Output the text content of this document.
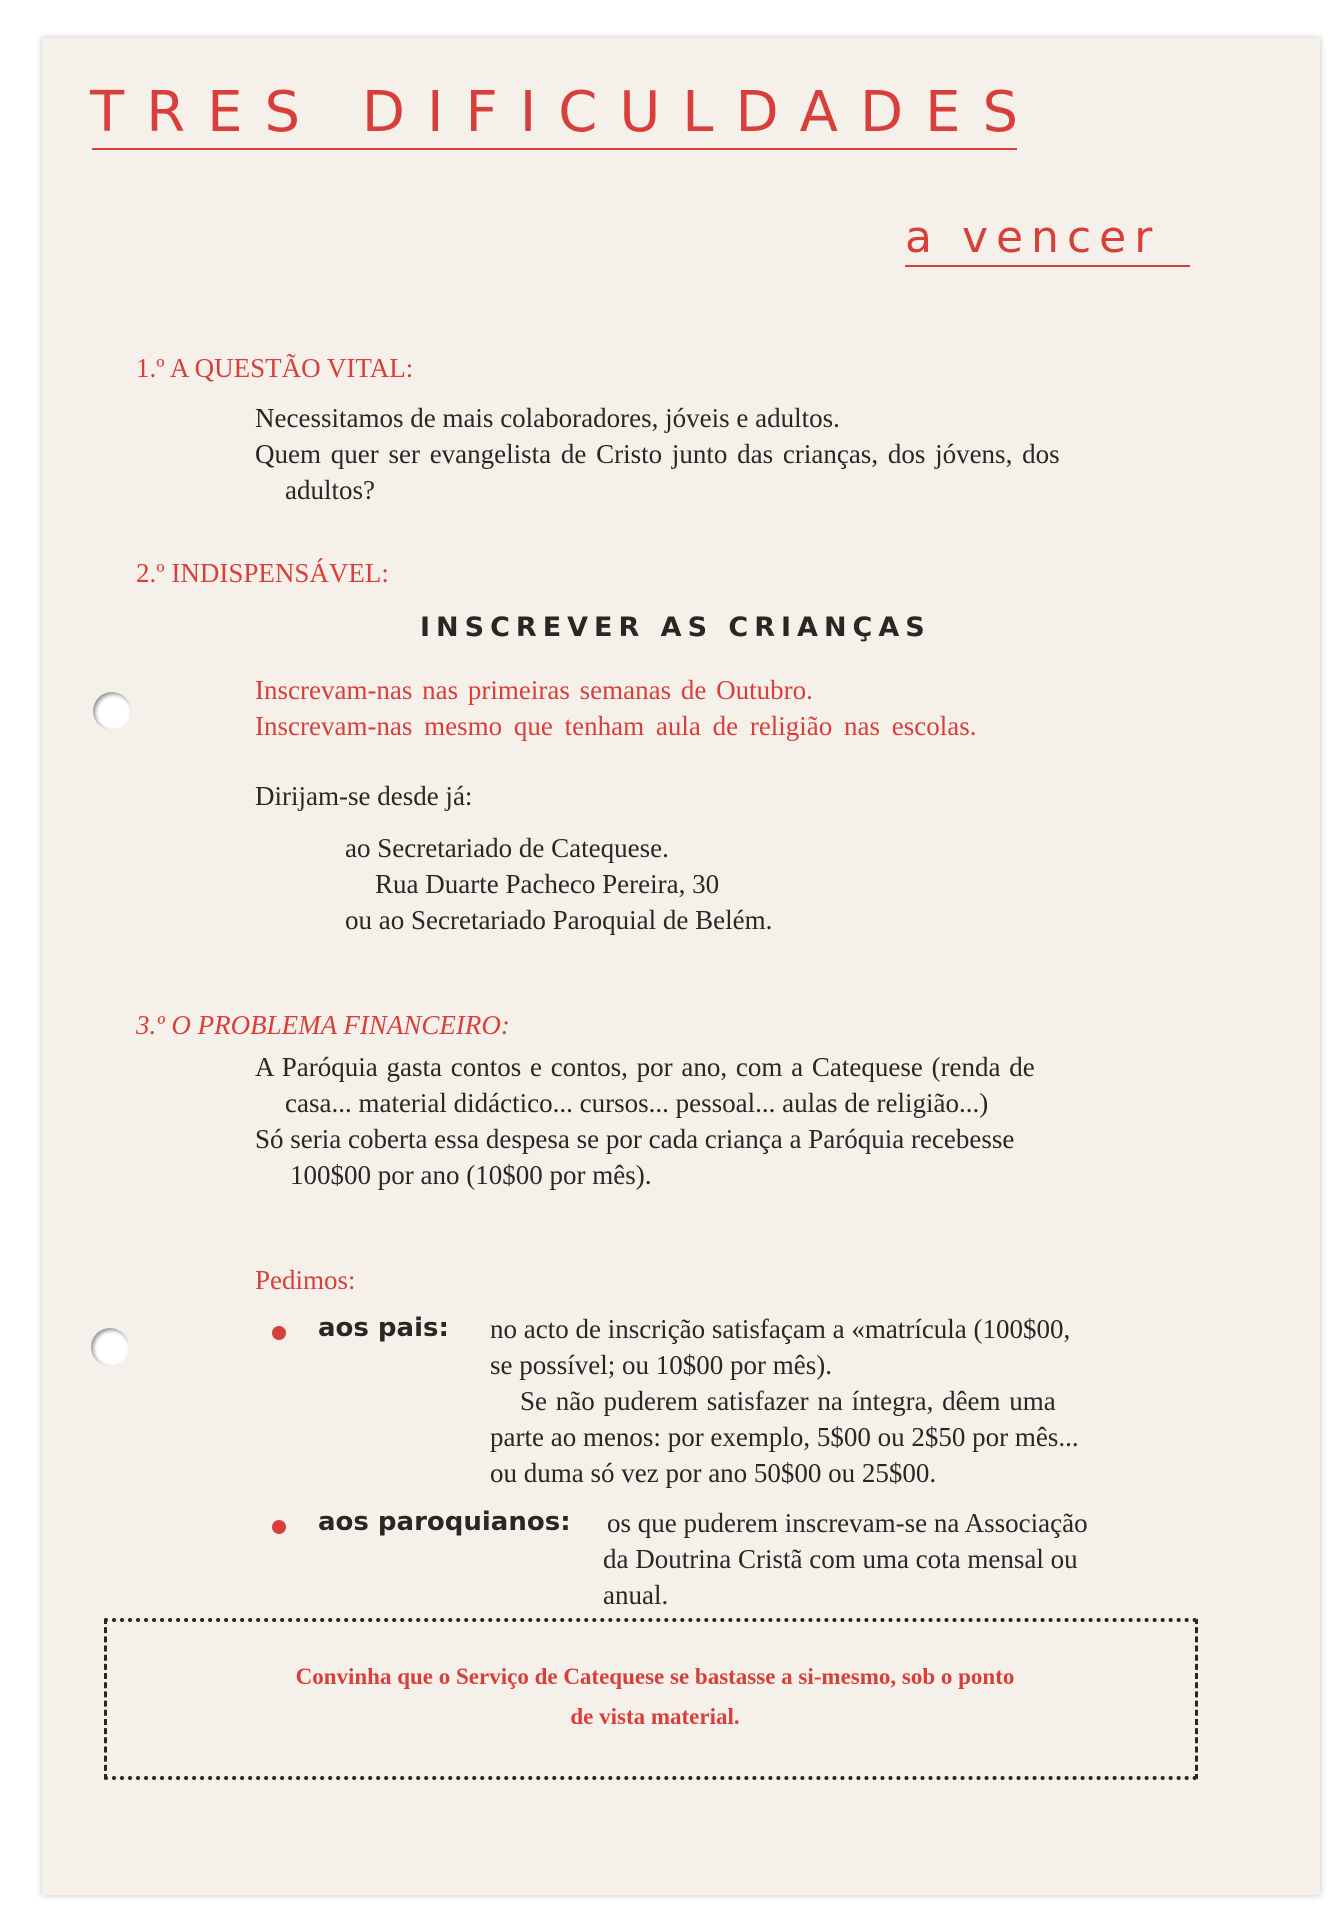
TRES DIFICULDADES
a vencer
1.º A QUESTÃO VITAL:
Necessitamos de mais colaboradores, jóveis e adultos.
Quem quer ser evangelista de Cristo junto das crianças, dos jóvens, dos
adultos?
2.º INDISPENSÁVEL:
INSCREVER AS CRIANÇAS
Inscrevam-nas nas primeiras semanas de Outubro.
Inscrevam-nas mesmo que tenham aula de religião nas escolas.
Dirijam-se desde já:
ao Secretariado de Catequese.
Rua Duarte Pacheco Pereira, 30
ou ao Secretariado Paroquial de Belém.
3.º O PROBLEMA FINANCEIRO:
A Paróquia gasta contos e contos, por ano, com a Catequese (renda de
casa... material didáctico... cursos... pessoal... aulas de religião...)
Só seria coberta essa despesa se por cada criança a Paróquia recebesse
100$00 por ano (10$00 por mês).
Pedimos:
aos pais: no acto de inscrição satisfaçam a «matrícula (100$00,
se possível; ou 10$00 por mês).
Se não puderem satisfazer na íntegra, dêem uma
parte ao menos: por exemplo, 5$00 ou 2$50 por mês...
ou duma só vez por ano 50$00 ou 25$00.
aos paroquianos: os que puderem inscrevam-se na Associação
da Doutrina Cristã com uma cota mensal ou
anual.
Convinha que o Serviço de Catequese se bastasse a si-mesmo, sob o ponto
de vista material.
